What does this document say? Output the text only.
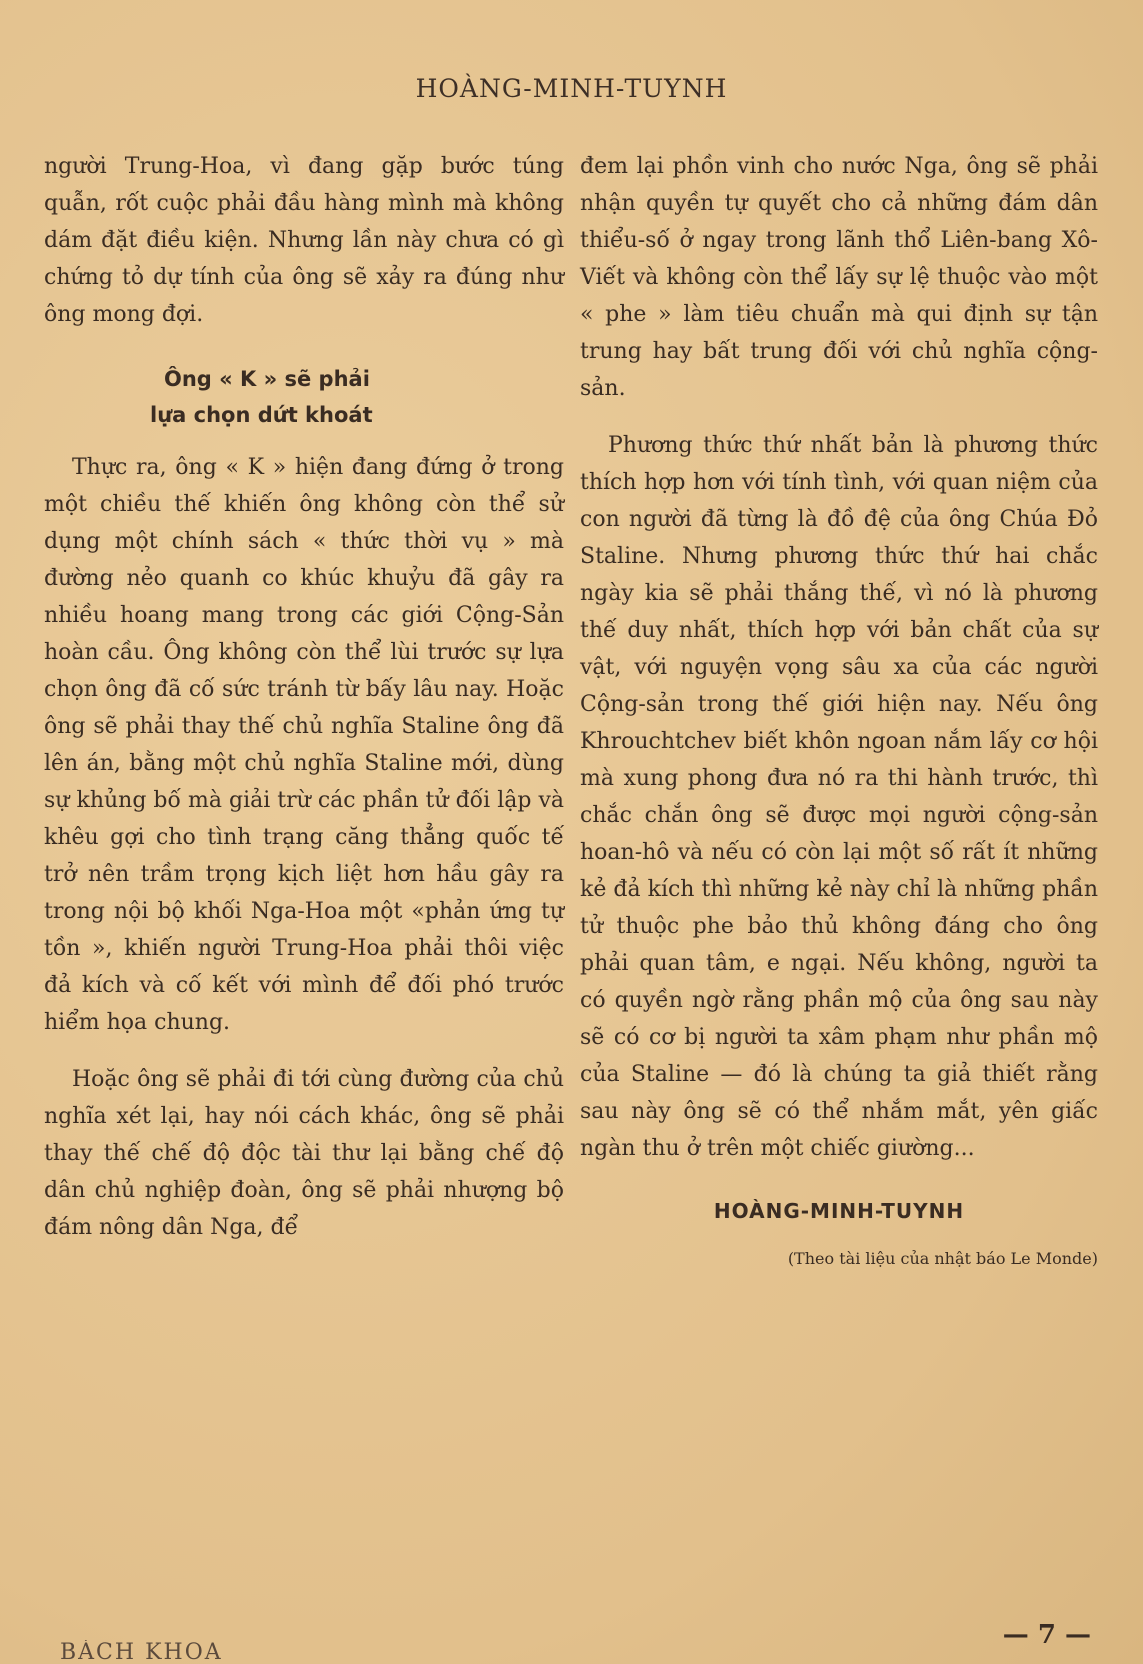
HOÀNG-MINH-TUYNH

người Trung-Hoa, vì đang gặp bước túng quẫn, rốt cuộc phải đầu hàng mình mà không dám đặt điều kiện. Nhưng lần này chưa có gì chứng tỏ dự tính của ông sẽ xảy ra đúng như ông mong đợi.

Ông « K » sẽ phải
lựa chọn dứt khoát

Thực ra, ông « K » hiện đang đứng ở trong một chiều thế khiến ông không còn thể sử dụng một chính sách « thức thời vụ » mà đường nẻo quanh co khúc khuỷu đã gây ra nhiều hoang mang trong các giới Cộng-Sản hoàn cầu. Ông không còn thể lùi trước sự lựa chọn ông đã cố sức tránh từ bấy lâu nay. Hoặc ông sẽ phải thay thế chủ nghĩa Staline ông đã lên án, bằng một chủ nghĩa Staline mới, dùng sự khủng bố mà giải trừ các phần tử đối lập và khêu gợi cho tình trạng căng thẳng quốc tế trở nên trầm trọng kịch liệt hơn hầu gây ra trong nội bộ khối Nga-Hoa một «phản ứng tự tồn », khiến người Trung-Hoa phải thôi việc đả kích và cố kết với mình để đối phó trước hiểm họa chung.

Hoặc ông sẽ phải đi tới cùng đường của chủ nghĩa xét lại, hay nói cách khác, ông sẽ phải thay thế chế độ độc tài thư lại bằng chế độ dân chủ nghiệp đoàn, ông sẽ phải nhượng bộ đám nông dân Nga, để

đem lại phồn vinh cho nước Nga, ông sẽ phải nhận quyền tự quyết cho cả những đám dân thiểu-số ở ngay trong lãnh thổ Liên-bang Xô-Viết và không còn thể lấy sự lệ thuộc vào một « phe » làm tiêu chuẩn mà qui định sự tận trung hay bất trung đối với chủ nghĩa cộng-sản.

Phương thức thứ nhất bản là phương thức thích hợp hơn với tính tình, với quan niệm của con người đã từng là đồ đệ của ông Chúa Đỏ Staline. Nhưng phương thức thứ hai chắc ngày kia sẽ phải thắng thế, vì nó là phương thế duy nhất, thích hợp với bản chất của sự vật, với nguyện vọng sâu xa của các người Cộng-sản trong thế giới hiện nay. Nếu ông Khrouchtchev biết khôn ngoan nắm lấy cơ hội mà xung phong đưa nó ra thi hành trước, thì chắc chắn ông sẽ được mọi người cộng-sản hoan-hô và nếu có còn lại một số rất ít những kẻ đả kích thì những kẻ này chỉ là những phần tử thuộc phe bảo thủ không đáng cho ông phải quan tâm, e ngại. Nếu không, người ta có quyền ngờ rằng phần mộ của ông sau này sẽ có cơ bị người ta xâm phạm như phần mộ của Staline — đó là chúng ta giả thiết rằng sau này ông sẽ có thể nhắm mắt, yên giấc ngàn thu ở trên một chiếc giường...

HOÀNG-MINH-TUYNH
(Theo tài liệu của nhật báo Le Monde)
BÁCH KHOA
— 7 —
